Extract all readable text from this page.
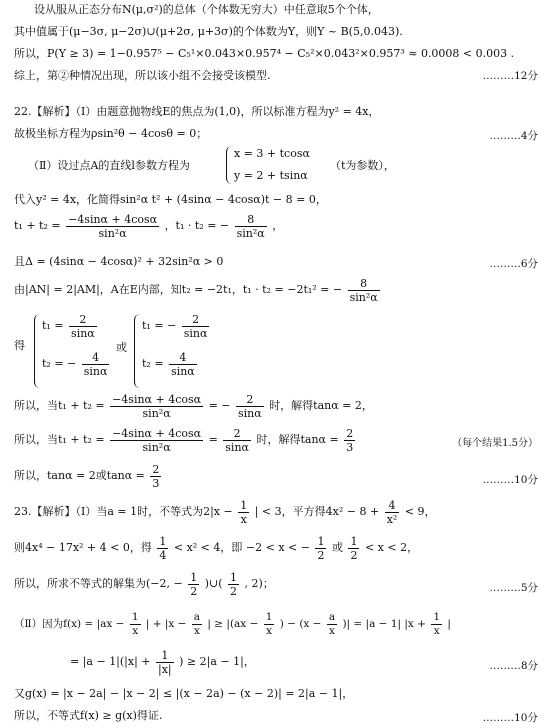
设从服从正态分布N(μ,σ²)的总体（个体数无穷大）中任意取5个个体，
其中值属于(μ−3σ, μ−2σ)∪(μ+2σ, μ+3σ)的个体数为Y，则Y ~ B(5,0.043).
所以，P(Y ≥ 3) = 1−0.957⁵ − C₅¹×0.043×0.957⁴ − C₅²×0.043²×0.957³ ≈ 0.0008 < 0.003 .
综上，第②种情况出现，所以该小组不会接受该模型.	………12分
22.【解析】（Ⅰ）由题意抛物线E的焦点为(1,0)，所以标准方程为y² = 4x，
故极坐标方程为ρsin²θ − 4cosθ = 0；	………4分
（Ⅱ）设过点A的直线l参数方程为
x = 3 + tcosα
y = 2 + tsinα
（t为参数），
代入y² = 4x，化简得sin²α t² + (4sinα − 4cosα)t − 8 = 0，
$t_1 + t_2 = \frac{-4\sin\alpha + 4\cos\alpha}{\text{sin²α}}$ ，t₁ · t₂ = − $\frac{8}{\text{sin²α}}$ ，
且Δ = (4sinα − 4cosα)² + 32sin²α > 0	………6分
由|AN| = 2|AM|，A在E内部，知t₂ = −2t₁，t₁ · t₂ = −2t₁² = − $\frac{8}{\text{sin²α}}$
得
$t_1 = \frac{2}{\sin\alpha}$
t₂ = − $\frac{4}{\sin\alpha}$
或
t₁ = − $\frac{2}{\sin\alpha}$
$t_2 = \frac{4}{\sin\alpha}$
所以，当$t_1 + t_2 = \frac{-4\sin\alpha + 4\cos\alpha}{\text{sin²α}}$ = − $\frac{2}{\sin\alpha}$ 时，解得tanα = 2，
所以，当$t_1 + t_2 = \frac{-4\sin\alpha + 4\cos\alpha}{\text{sin²α}} = \frac{2}{\sin\alpha}$ 时，解得$\tan\alpha = \frac{2}{3}$	（每个结果1.5分）
所以，tanα = 2或$\tan\alpha = \frac{2}{3}$	………10分
23.【解析】（Ⅰ）当a = 1时，不等式为$2|x - \frac{1}{x}$ | < 3，平方得$4x^2 - 8 + \frac{4}{\text{x²}} < 9$，
则4x⁴ − 17x² + 4 < 0，得 $\frac{1}{4} < x^2 < 4$，即 −2 < x < − $\frac{1}{2}$ 或 $\frac{1}{2} < x < 2$，
所以，所求不等式的解集为(−2, − $\frac{1}{2}$ )∪( $\frac{1}{2}$ , 2)；	………5分
（Ⅱ）因为$f(x) = |ax - \frac{1}{x}$ | + $|x - \frac{a}{x}$ | ≥ $|(ax - \frac{1}{x}$ ) − ($x - \frac{a}{x}$ )| = |a − 1| $|x + \frac{1}{x}$ |
= $|a - 1|(|x| + \frac{1}{|x|}$ ) ≥ 2|a − 1|，	………8分
又g(x) = |x − 2a| − |x − 2| ≤ |(x − 2a) − (x − 2)| = 2|a − 1|，
所以，不等式f(x) ≥ g(x)得证.	………10分
